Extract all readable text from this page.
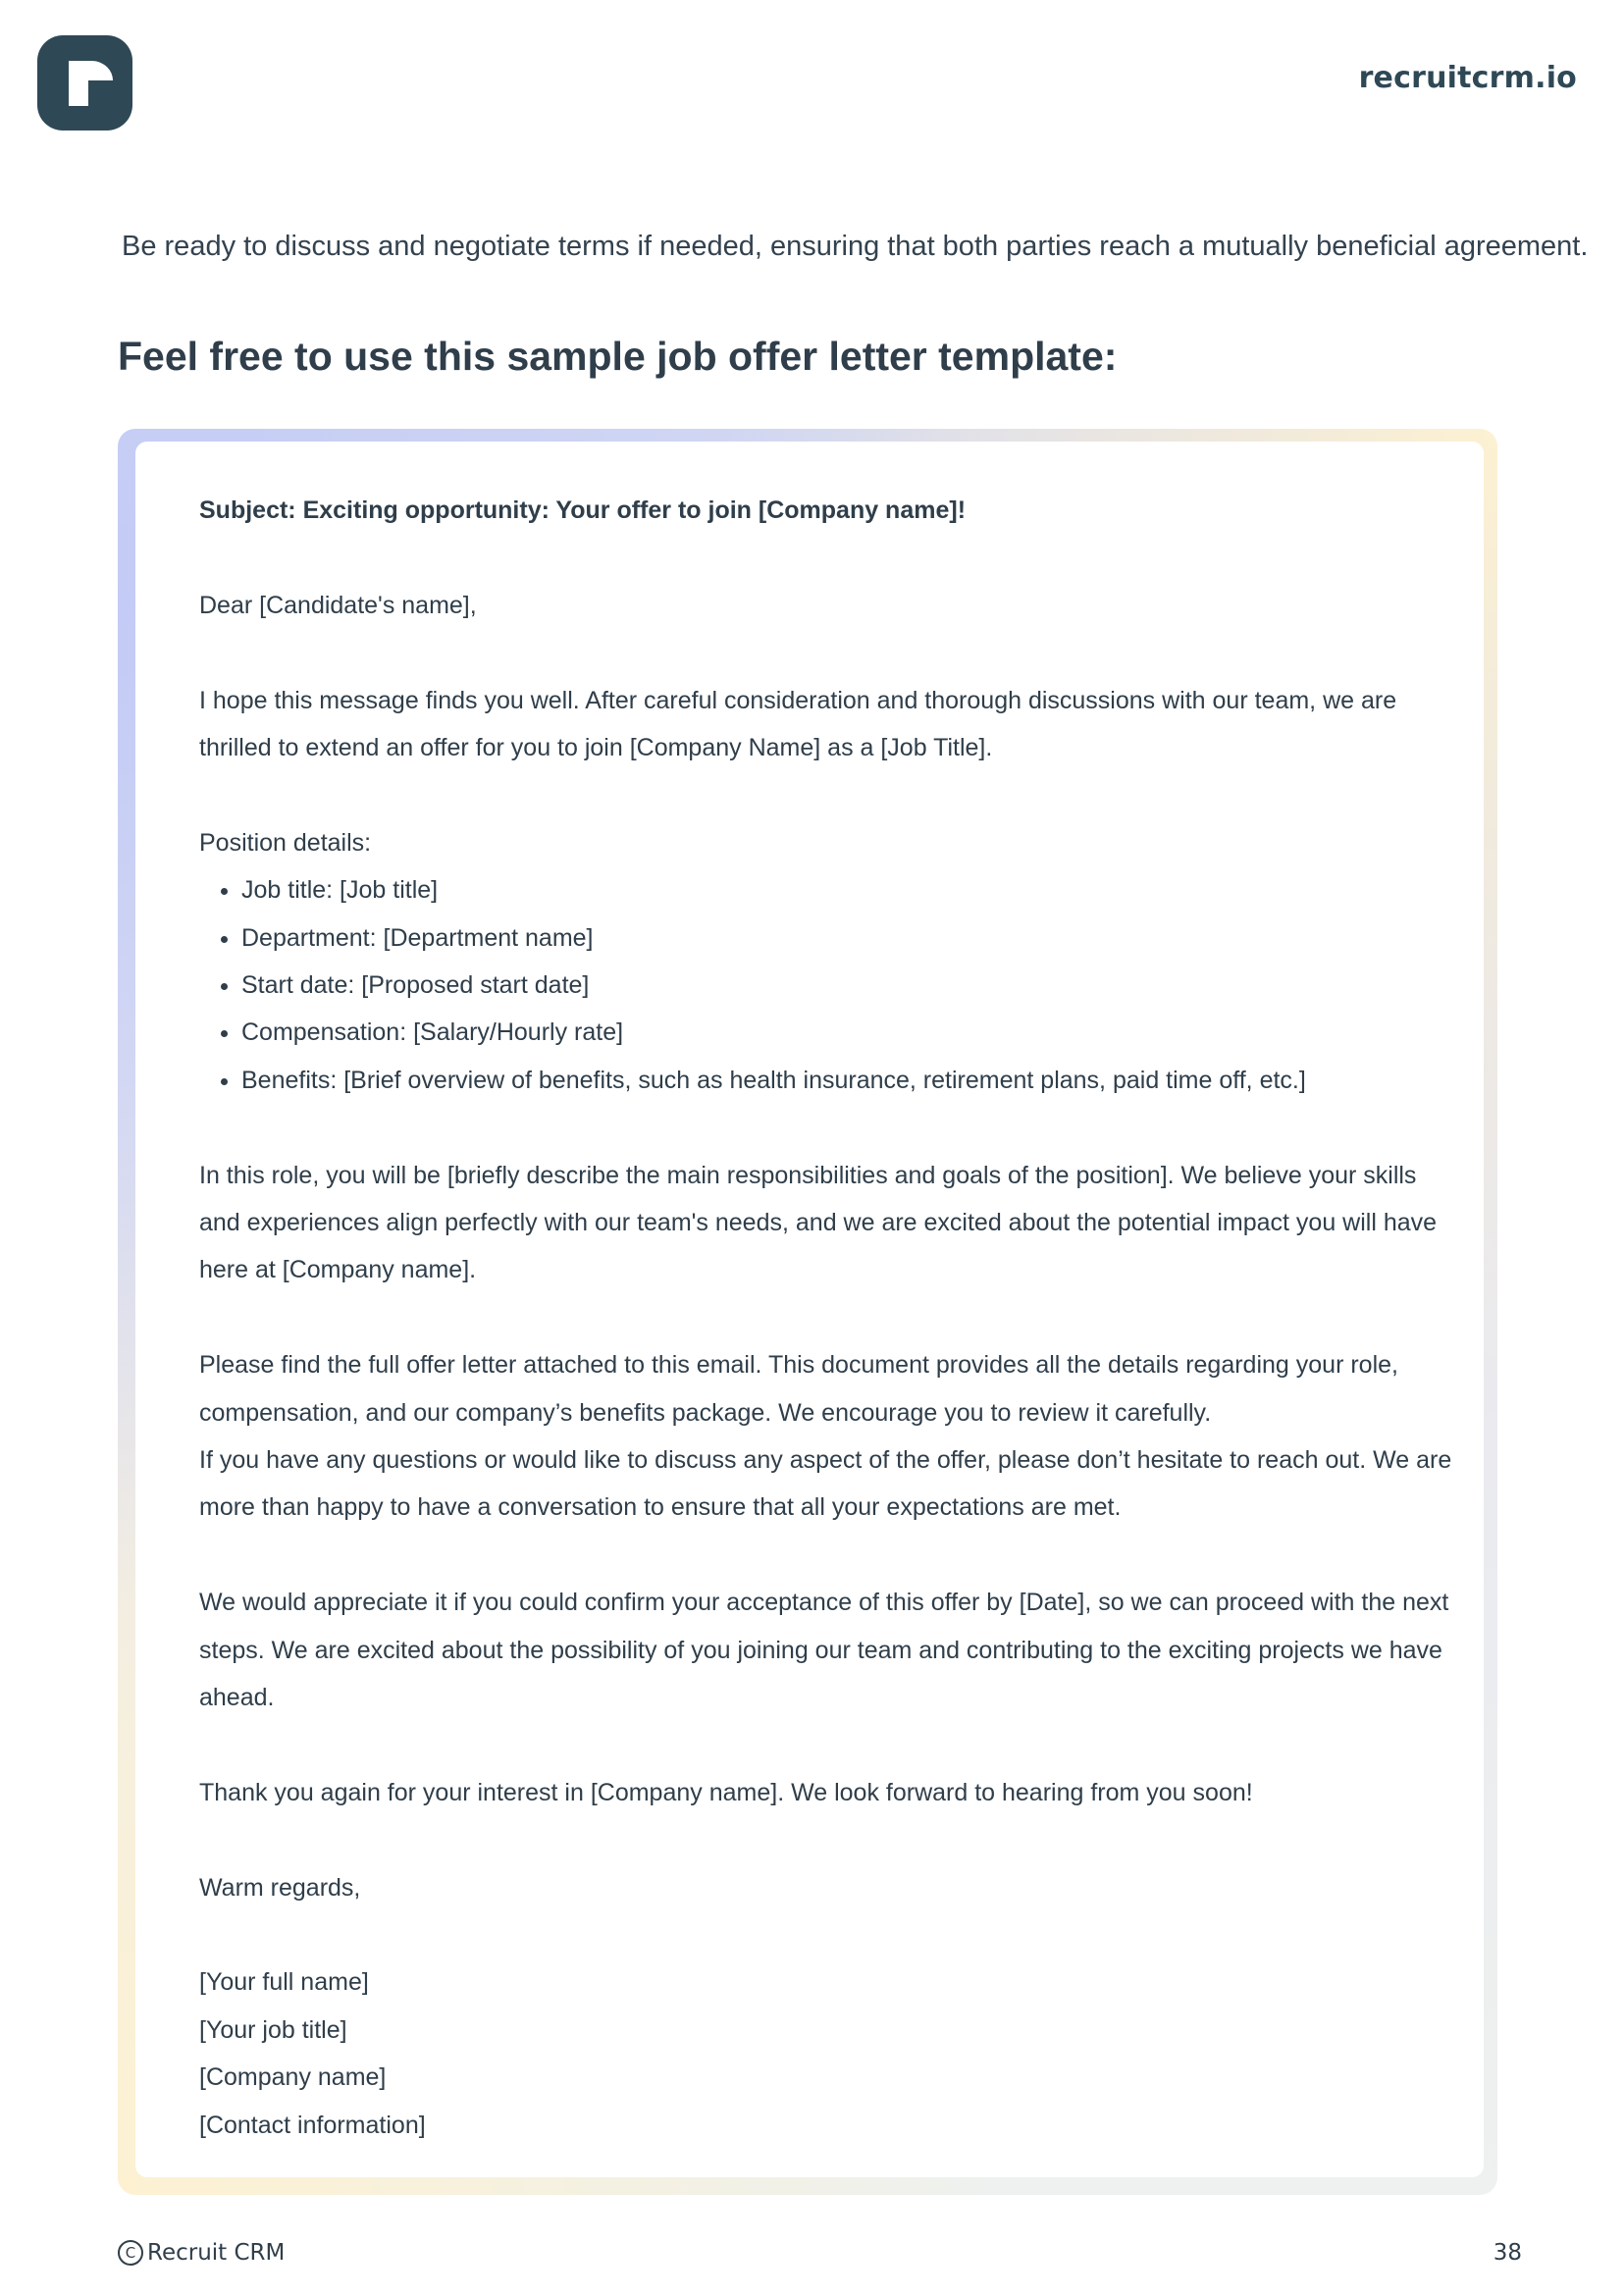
recruitcrm.io
Be ready to discuss and negotiate terms if needed, ensuring that both parties reach a mutually beneficial agreement.
Feel free to use this sample job offer letter template:

Subject: Exciting opportunity: Your offer to join [Company name]!

Dear [Candidate's name],

I hope this message finds you well. After careful consideration and thorough discussions with our team, we are thrilled to extend an offer for you to join [Company Name] as a [Job Title].

Position details:

• Job title: [Job title]
• Department: [Department name]
• Start date: [Proposed start date]
• Compensation: [Salary/Hourly rate]
• Benefits: [Brief overview of benefits, such as health insurance, retirement plans, paid time off, etc.]

In this role, you will be [briefly describe the main responsibilities and goals of the position]. We believe your skills and experiences align perfectly with our team's needs, and we are excited about the potential impact you will have here at [Company name].

Please find the full offer letter attached to this email. This document provides all the details regarding your role, compensation, and our company’s benefits package. We encourage you to review it carefully.

If you have any questions or would like to discuss any aspect of the offer, please don’t hesitate to reach out. We are more than happy to have a conversation to ensure that all your expectations are met.

We would appreciate it if you could confirm your acceptance of this offer by [Date], so we can proceed with the next steps. We are excited about the possibility of you joining our team and contributing to the exciting projects we have ahead.

Thank you again for your interest in [Company name]. We look forward to hearing from you soon!

Warm regards,

[Your full name]
[Your job title]
[Company name]
[Contact information]
C Recruit CRM	38
